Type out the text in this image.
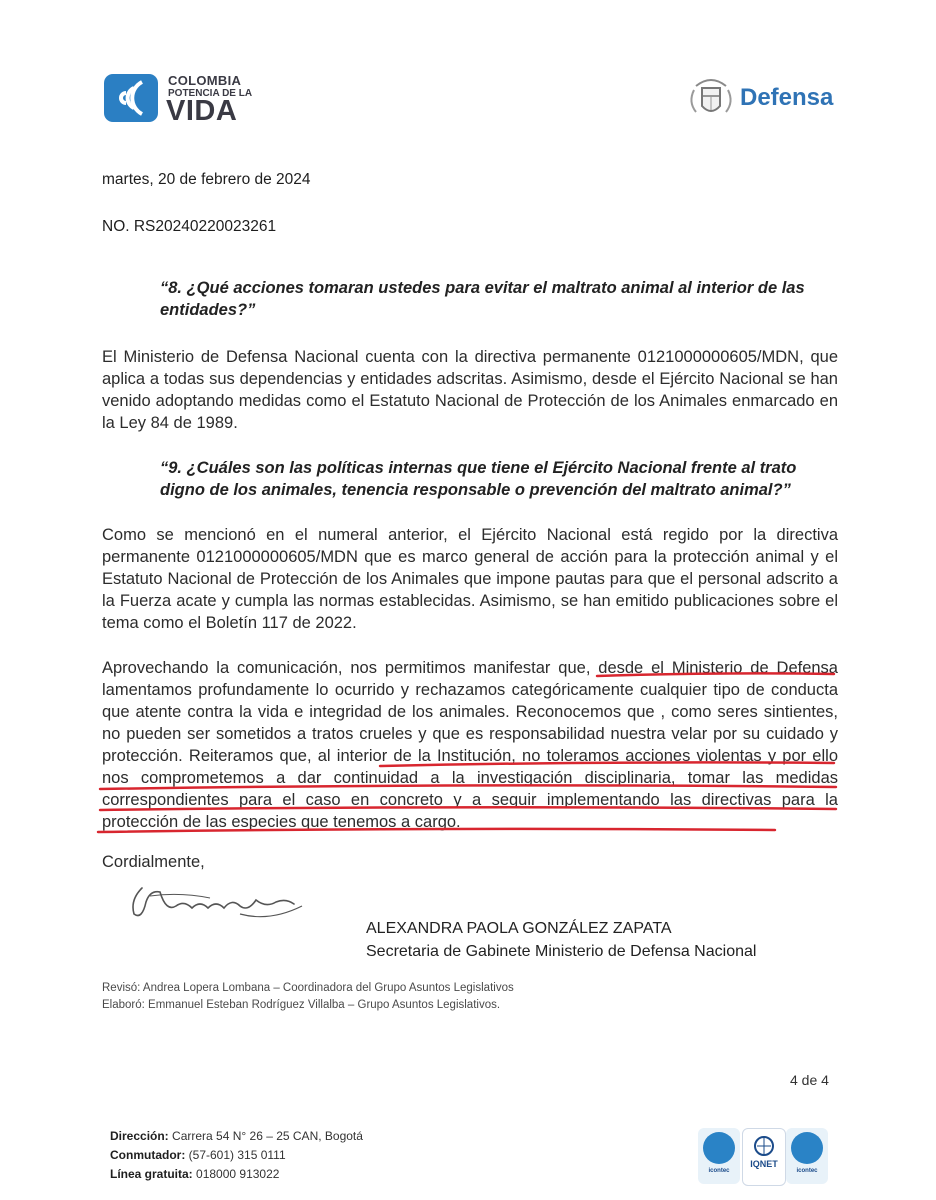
COLOMBIA
POTENCIA DE LA
VIDA	Defensa
martes, 20 de febrero de 2024
NO. RS20240220023261
“8. ¿Qué acciones tomaran ustedes para evitar el maltrato animal al interior de las entidades?”
El Ministerio de Defensa Nacional cuenta con la directiva permanente 0121000000605/MDN, que aplica a todas sus dependencias y entidades adscritas. Asimismo, desde el Ejército Nacional se han venido adoptando medidas como el Estatuto Nacional de Protección de los Animales enmarcado en la Ley 84 de 1989.
“9. ¿Cuáles son las políticas internas que tiene el Ejército Nacional frente al trato digno de los animales, tenencia responsable o prevención del maltrato animal?”
Como se mencionó en el numeral anterior, el Ejército Nacional está regido por la directiva permanente 0121000000605/MDN que es marco general de acción para la protección animal y el Estatuto Nacional de Protección de los Animales que impone pautas para que el personal adscrito a la Fuerza acate y cumpla las normas establecidas. Asimismo, se han emitido publicaciones sobre el tema como el Boletín 117 de 2022.
Aprovechando la comunicación, nos permitimos manifestar que, desde el Ministerio de Defensa lamentamos profundamente lo ocurrido y rechazamos categóricamente cualquier tipo de conducta que atente contra la vida e integridad de los animales. Reconocemos que , como seres sintientes, no pueden ser sometidos a tratos crueles y que es responsabilidad nuestra velar por su cuidado y protección. Reiteramos que, al interior de la Institución, no toleramos acciones violentas y por ello nos comprometemos a dar continuidad a la investigación disciplinaria, tomar las medidas correspondientes para el caso en concreto y a seguir implementando las directivas para la protección de las especies que tenemos a cargo.
Cordialmente,
ALEXANDRA PAOLA GONZÁLEZ ZAPATA
Secretaria de Gabinete Ministerio de Defensa Nacional
Revisó: Andrea Lopera Lombana – Coordinadora del Grupo Asuntos Legislativos
Elaboró: Emmanuel Esteban Rodríguez Villalba – Grupo Asuntos Legislativos.
4 de 4
Dirección: Carrera 54 N° 26 – 25 CAN, Bogotá
Conmutador: (57-601) 315 0111
Línea gratuita: 018000 913022	icontec
IQNET
icontec
